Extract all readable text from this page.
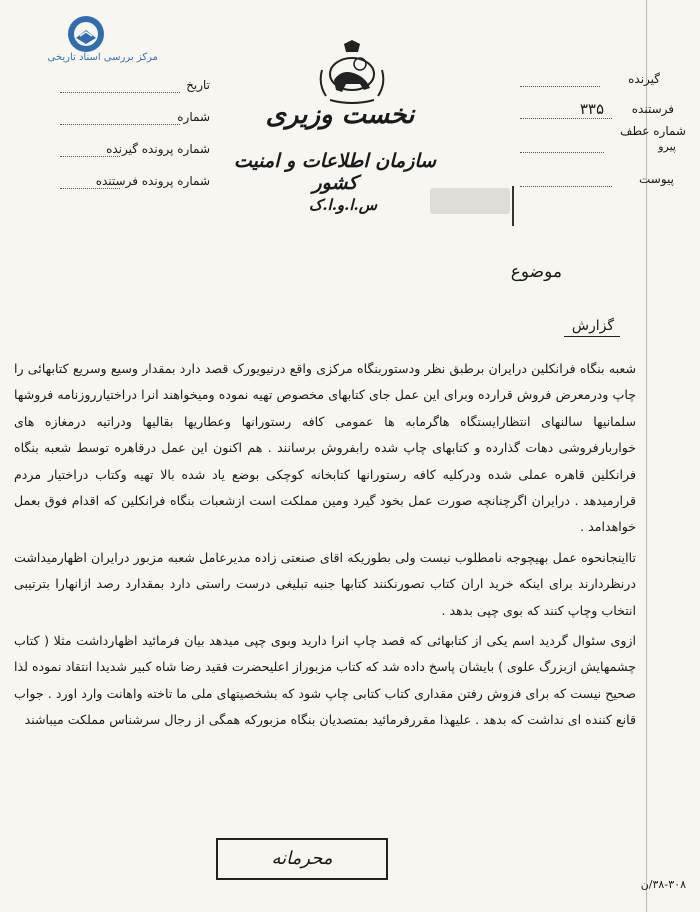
مرکز بررسی اسناد تاریخی
نخست وزیری
سازمان اطلاعات و امنیت کشور
س.ا.و.ا.ک
گیرنده
فرستنده
۳۳۵
شماره عطف
پیرو
پیوست
تاریخ
شماره
شماره پرونده گیرنده
شماره پرونده فرستنده
موضوع
گزارش

شعبه بنگاه فرانکلین درایران برطبق نظر ودستوربنگاه مرکزی واقع درنیویورک قصد دارد بمقدار وسیع وسریع کتابهائی را چاپ ودرمعرض فروش قرارده وبرای این عمل جای کتابهای مخصوص تهیه نموده ومیخواهند انرا دراختیارروزنامه فروشها سلمانیها سالنهای انتظارایستگاه هاگرمابه ها عمومی کافه رستورانها وعطاریها بقالیها ودراتیه درمغازه های خواربارفروشی دهات گذارده و کتابهای چاپ شده رابفروش برسانند . هم اکنون این عمل درقاهره توسط شعبه بنگاه فرانکلین قاهره عملی شده ودرکلیه کافه رستورانها کتابخانه کوچکی بوضع یاد شده بالا تهیه وکتاب دراختیار مردم قرارمیدهد . درایران اگرچنانچه صورت عمل بخود گیرد ومین مملکت است ازشعبات بنگاه فرانکلین که اقدام فوق بعمل خواهدامد .

تااینجانحوه عمل بهیچوجه نامطلوب نیست ولی بطوریکه اقای صنعتی زاده مدیرعامل شعبه مزبور درایران اظهارمیداشت درنظردارند برای اینکه خرید اران کتاب تصورنکنند کتابها جنبه تبلیغی درست راستی دارد بمقدارد رصد ازانهارا بترتیبی انتخاب وچاپ کنند که بوی چپی بدهد .

ازوی سئوال گردید اسم یکی از کتابهائی که قصد چاپ انرا دارید وبوی چپی میدهد بیان فرمائید اظهارداشت مثلا ( کتاب چشمهایش ازبزرگ علوی ) بایشان پاسخ داده شد که کتاب مزبوراز اعلیحضرت فقید رضا شاه کبیر شدیدا انتقاد نموده لذا صحیح نیست که برای فروش رفتن مقداری کتاب کتابی چاپ شود که بشخصیتهای ملی ما تاخته واهانت وارد اورد . جواب قانع کننده ای نداشت که بدهد . علیهذا مقررفرمائید بمتصدیان بنگاه مزبورکه همگی از رجال سرشناس مملکت میباشند

محرمانه
۳۸-۳۰۸/ن
